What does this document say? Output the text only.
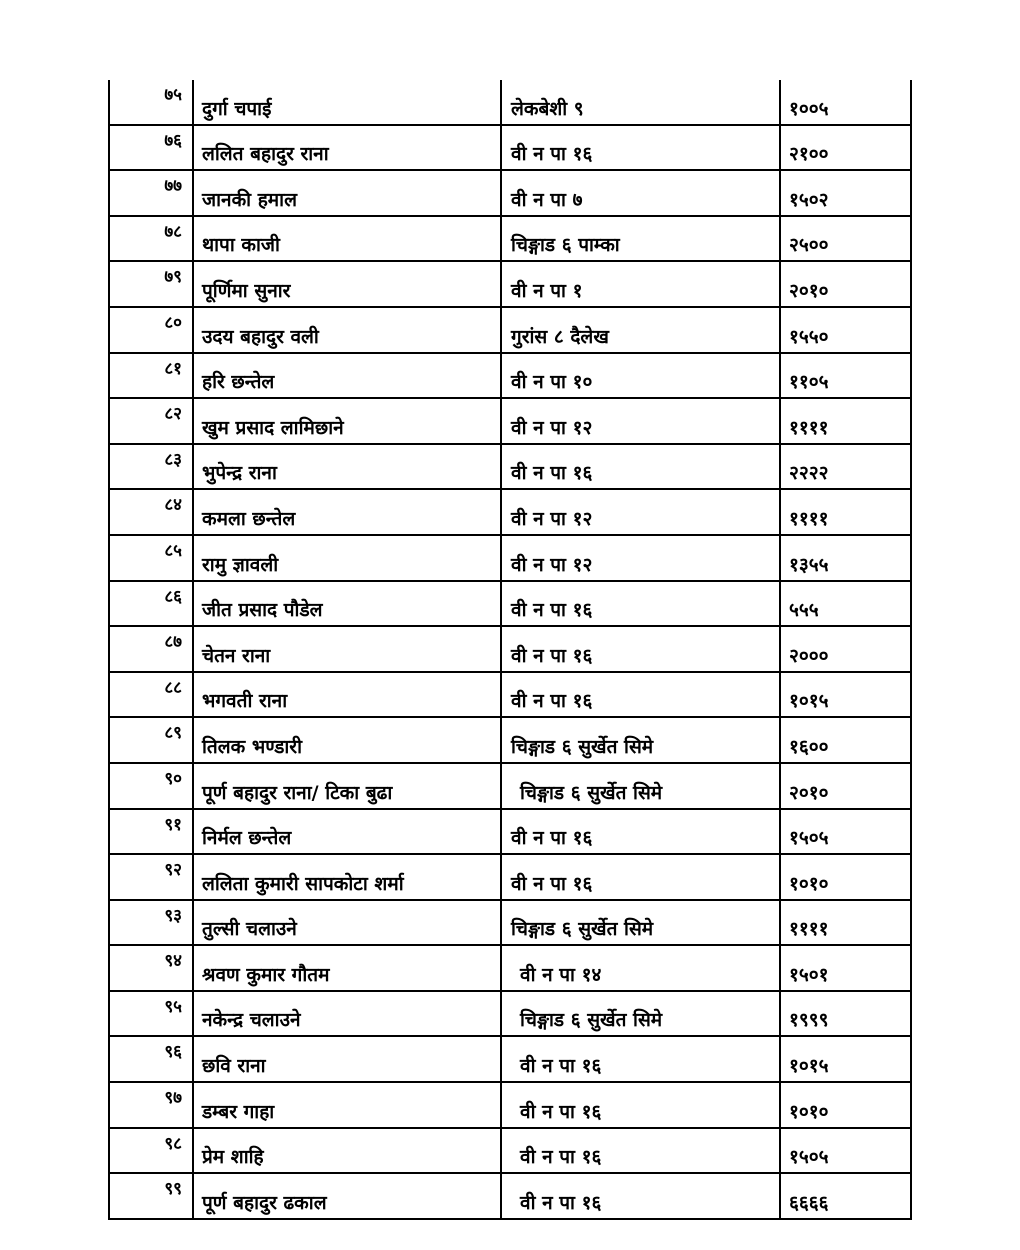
७५	दुर्गा चपाई	लेकबेशी ९	१००५
७६	ललित बहादुर राना	वी न पा १६	२१००
७७	जानकी हमाल	वी न पा ७	१५०२
७८	थापा काजी	चिङ्गाड ६ पाम्का	२५००
७९	पूर्णिमा सुनार	वी न पा १	२०१०
८०	उदय बहादुर वली	गुरांस ८ दैलेख	१५५०
८१	हरि छन्तेल	वी न पा १०	११०५
८२	खुम प्रसाद लामिछाने	वी न पा १२	११११
८३	भुपेन्द्र राना	वी न पा १६	२२२२
८४	कमला छन्तेल	वी न पा १२	११११
८५	रामु ज्ञावली	वी न पा १२	१३५५
८६	जीत प्रसाद पौडेल	वी न पा १६	५५५
८७	चेतन राना	वी न पा १६	२०००
८८	भगवती राना	वी न पा १६	१०१५
८९	तिलक भण्डारी	चिङ्गाड ६ सुर्खेत सिमे	१६००
९०	पूर्ण बहादुर राना/ टिका बुढा	चिङ्गाड ६ सुर्खेत सिमे	२०१०
९१	निर्मल छन्तेल	वी न पा १६	१५०५
९२	ललिता कुमारी सापकोटा शर्मा	वी न पा १६	१०१०
९३	तुल्सी चलाउने	चिङ्गाड ६ सुर्खेत सिमे	११११
९४	श्रवण कुमार गौतम	वी न पा १४	१५०१
९५	नकेन्द्र चलाउने	चिङ्गाड ६ सुर्खेत सिमे	१९९९
९६	छवि राना	वी न पा १६	१०१५
९७	डम्बर गाहा	वी न पा १६	१०१०
९८	प्रेम शाहि	वी न पा १६	१५०५
९९	पूर्ण बहादुर ढकाल	वी न पा १६	६६६६
